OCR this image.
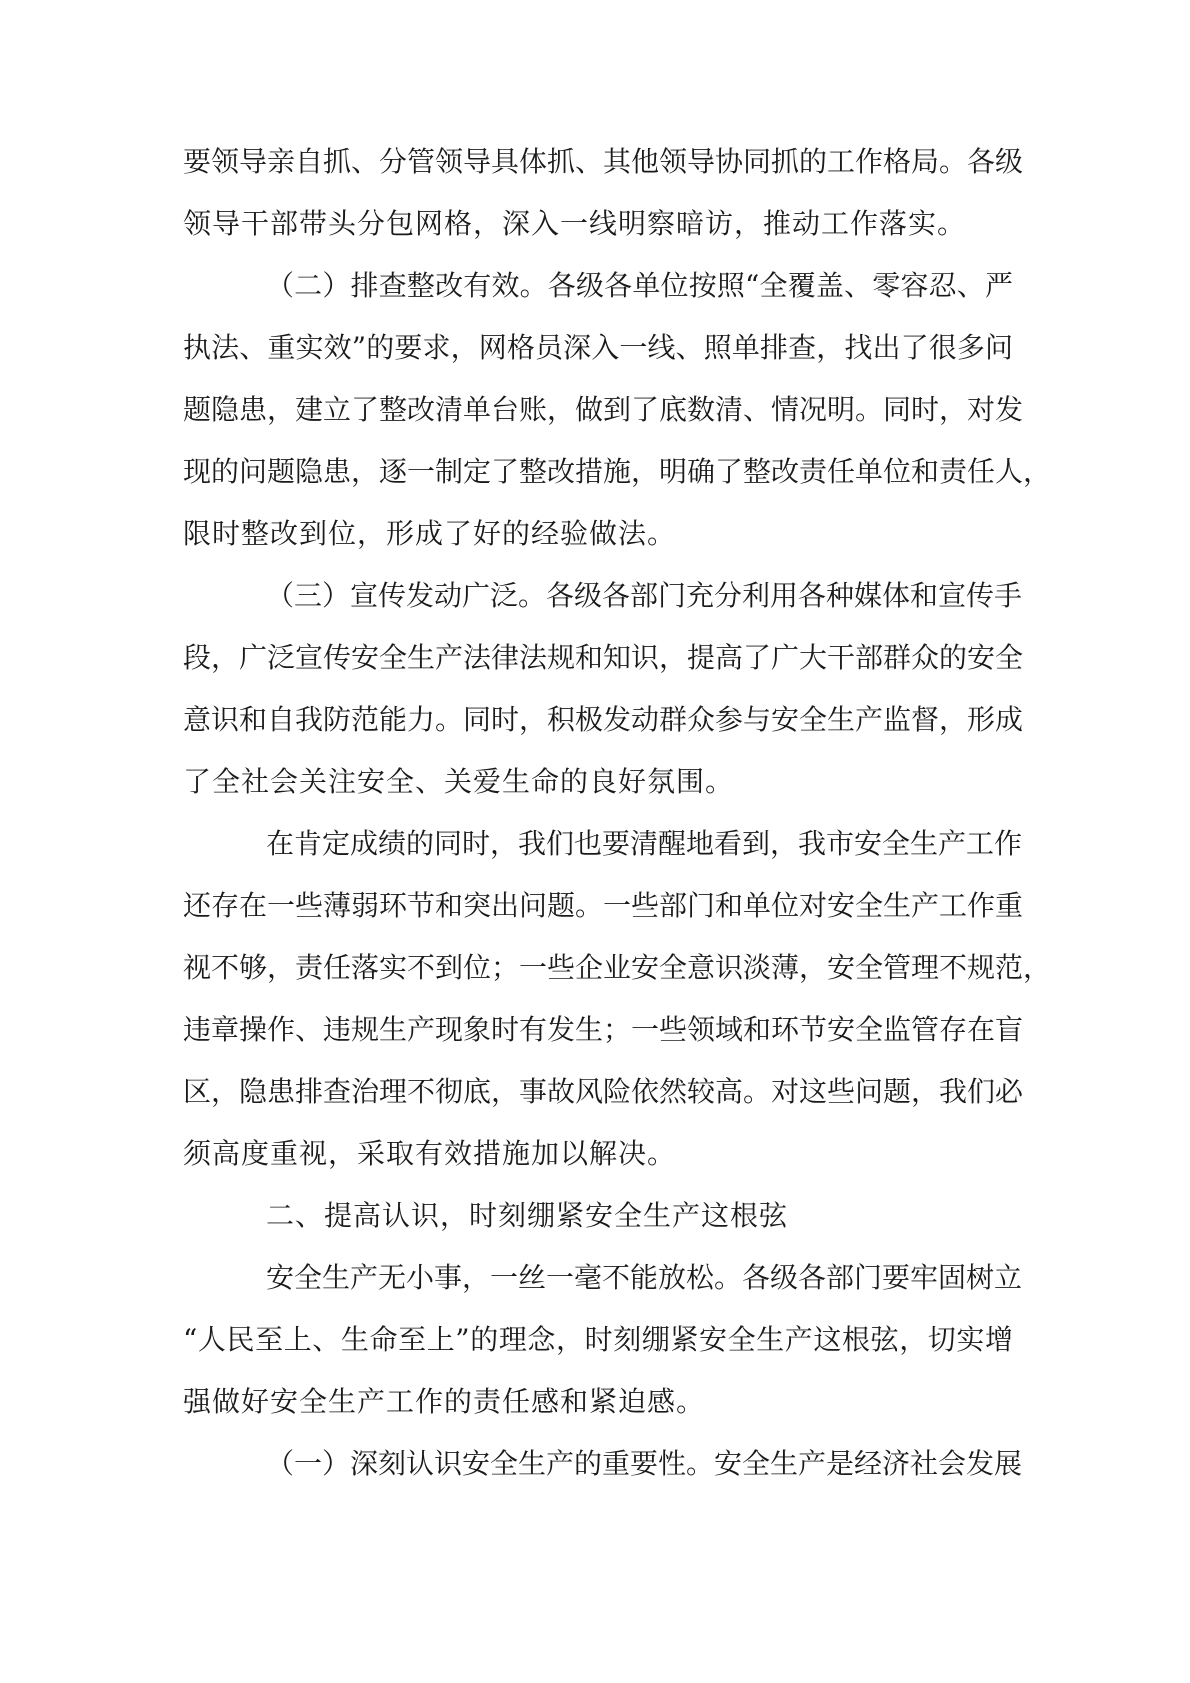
要领导亲自抓、分管领导具体抓、其他领导协同抓的工作格局。各级
领导干部带头分包网格，深入一线明察暗访，推动工作落实。
（二）排查整改有效。各级各单位按照“全覆盖、零容忍、严
执法、重实效”的要求，网格员深入一线、照单排查，找出了很多问
题隐患，建立了整改清单台账，做到了底数清、情况明。同时，对发
现的问题隐患，逐一制定了整改措施，明确了整改责任单位和责任人，
限时整改到位，形成了好的经验做法。
（三）宣传发动广泛。各级各部门充分利用各种媒体和宣传手
段，广泛宣传安全生产法律法规和知识，提高了广大干部群众的安全
意识和自我防范能力。同时，积极发动群众参与安全生产监督，形成
了全社会关注安全、关爱生命的良好氛围。
在肯定成绩的同时，我们也要清醒地看到，我市安全生产工作
还存在一些薄弱环节和突出问题。一些部门和单位对安全生产工作重
视不够，责任落实不到位；一些企业安全意识淡薄，安全管理不规范，
违章操作、违规生产现象时有发生；一些领域和环节安全监管存在盲
区，隐患排查治理不彻底，事故风险依然较高。对这些问题，我们必
须高度重视，采取有效措施加以解决。
二、提高认识，时刻绷紧安全生产这根弦
安全生产无小事，一丝一毫不能放松。各级各部门要牢固树立
“人民至上、生命至上”的理念，时刻绷紧安全生产这根弦，切实增
强做好安全生产工作的责任感和紧迫感。
（一）深刻认识安全生产的重要性。安全生产是经济社会发展
